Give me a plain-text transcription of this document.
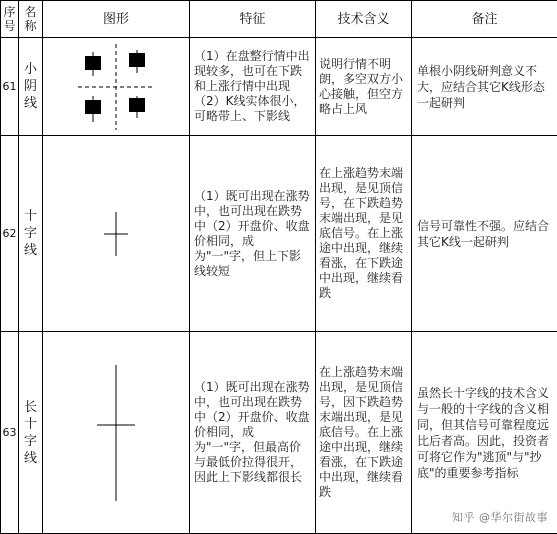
序号	名称	图形	特征	技术含义	备注
61	小阴线		（1）在盘整行情中出现较多，也可在下跌和上涨行情中出现（2）K线实体很小，可略带上、下影线	说明行情不明朗，多空双方小心接触，但空方略占上风	单根小阴线研判意义不大，应结合其它K线形态一起研判
62	十字线		（1）既可出现在涨势中，也可出现在跌势中（2）开盘价、收盘价相同，成为"一"字，但上下影线较短	在上涨趋势末端出现，是见顶信号，在下跌趋势末端出现，是见底信号。在上涨途中出现，继续看涨，在下跌途中出现，继续看跌	信号可靠性不强。应结合其它K线一起研判
63	长十字线		（1）既可出现在涨势中，也可出现在跌势中（2）开盘价、收盘价相同，成为"一"字，但最高价与最低价拉得很开，因此上下影线都很长	在上涨趋势末端出现，是见顶信号，因下跌趋势末端出现，是见底信号。在上涨途中出现，继续看涨，在下跌途中出现，继续看跌	虽然长十字线的技术含义与一般的十字线的含义相同，但其信号可靠程度远比后者高。因此，投资者可将它作为"逃顶"与"抄底"的重要参考指标
知乎 @华尔街故事
